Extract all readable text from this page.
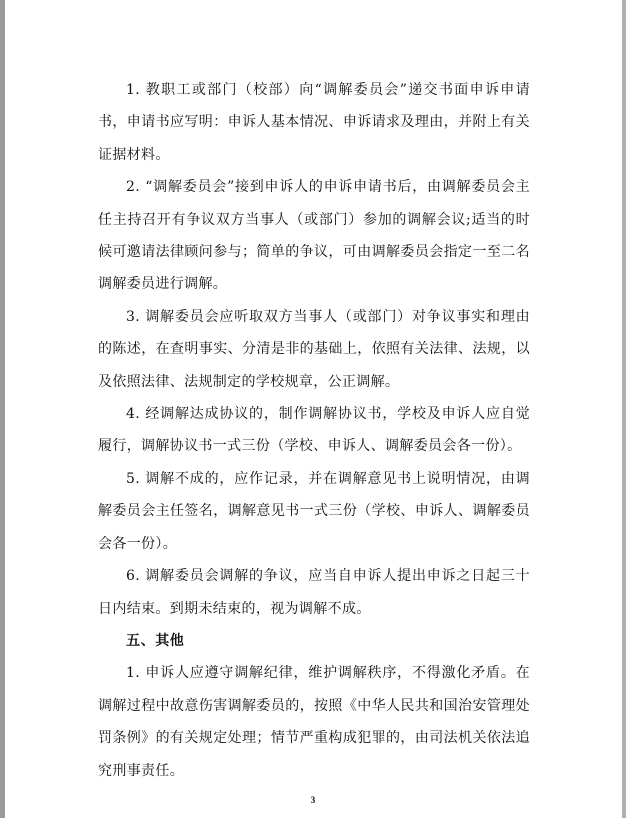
1. 教职工或部门（校部）向“调解委员会”递交书面申诉申请书，申请书应写明：申诉人基本情况、申诉请求及理由，并附上有关证据材料。

2. “调解委员会”接到申诉人的申诉申请书后，由调解委员会主任主持召开有争议双方当事人（或部门）参加的调解会议;适当的时候可邀请法律顾问参与；简单的争议，可由调解委员会指定一至二名调解委员进行调解。

3. 调解委员会应听取双方当事人（或部门）对争议事实和理由的陈述，在查明事实、分清是非的基础上，依照有关法律、法规，以及依照法律、法规制定的学校规章，公正调解。

4. 经调解达成协议的，制作调解协议书，学校及申诉人应自觉履行，调解协议书一式三份（学校、申诉人、调解委员会各一份）。

5. 调解不成的，应作记录，并在调解意见书上说明情况，由调解委员会主任签名，调解意见书一式三份（学校、申诉人、调解委员会各一份）。

6. 调解委员会调解的争议，应当自申诉人提出申诉之日起三十日内结束。到期未结束的，视为调解不成。

五、其他

1. 申诉人应遵守调解纪律，维护调解秩序，不得激化矛盾。在调解过程中故意伤害调解委员的，按照《中华人民共和国治安管理处罚条例》的有关规定处理；情节严重构成犯罪的，由司法机关依法追究刑事责任。

3
